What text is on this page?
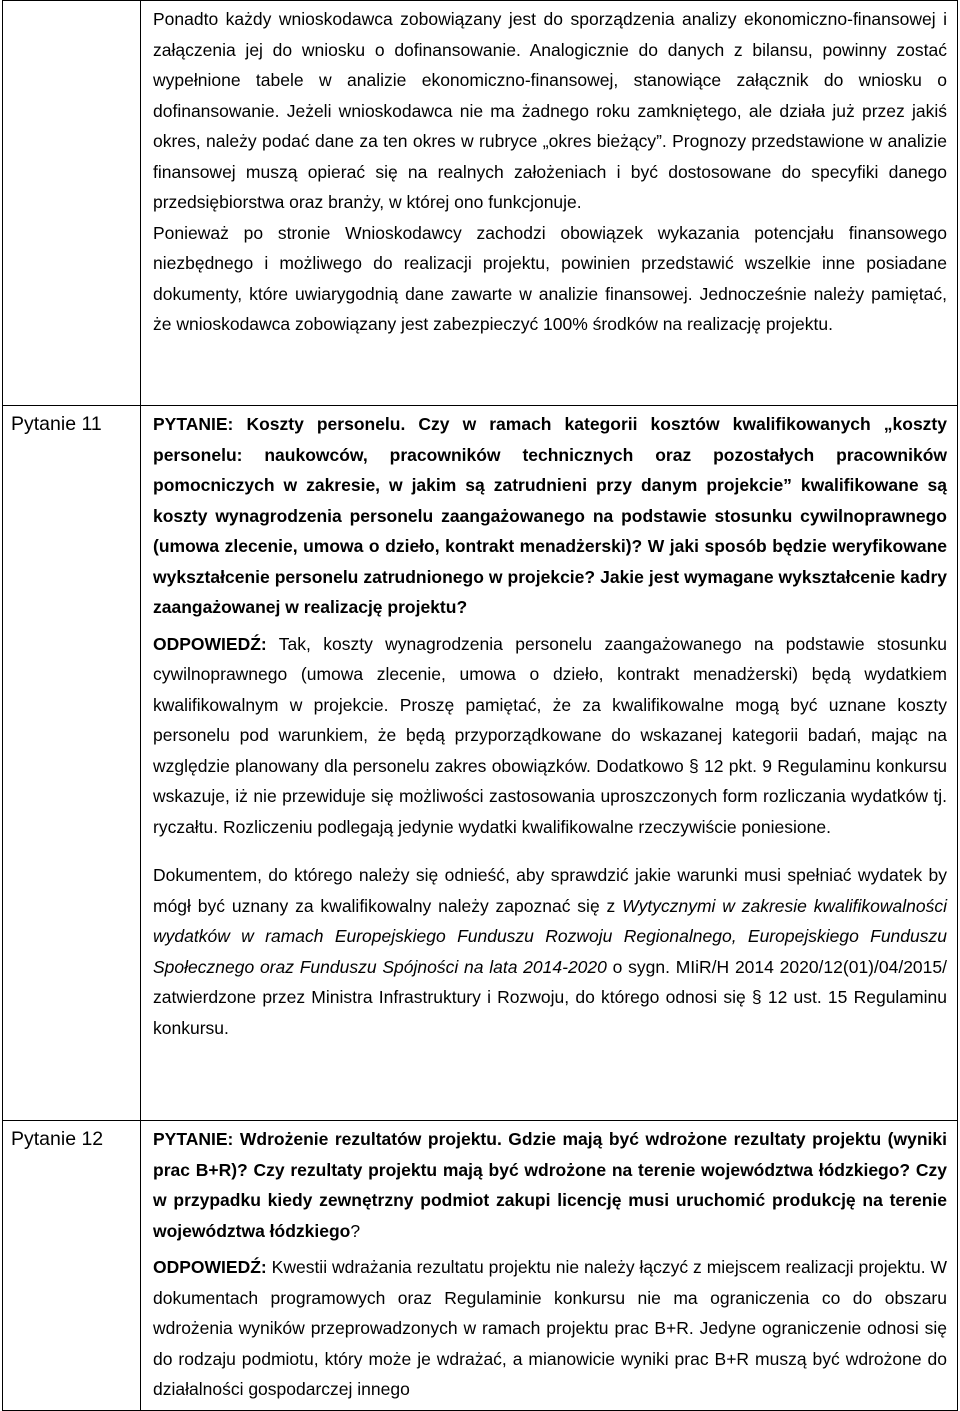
	Ponadto każdy wnioskodawca zobowiązany jest do sporządzenia analizy ekonomiczno-finansowej i załączenia jej do wniosku o dofinansowanie. Analogicznie do danych z bilansu, powinny zostać wypełnione tabele w analizie ekonomiczno-finansowej, stanowiące załącznik do wniosku o dofinansowanie. Jeżeli wnioskodawca nie ma żadnego roku zamkniętego, ale działa już przez jakiś okres, należy podać dane za ten okres w rubryce „okres bieżący”. Prognozy przedstawione w analizie finansowej muszą opierać się na realnych założeniach i być dostosowane do specyfiki danego przedsiębiorstwa oraz branży, w której ono funkcjonuje.

Ponieważ po stronie Wnioskodawcy zachodzi obowiązek wykazania potencjału finansowego niezbędnego i możliwego do realizacji projektu, powinien przedstawić wszelkie inne posiadane dokumenty, które uwiarygodnią dane zawarte w analizie finansowej. Jednocześnie należy pamiętać, że wnioskodawca zobowiązany jest zabezpieczyć 100% środków na realizację projektu.

Pytanie 11	PYTANIE: Koszty personelu. Czy w ramach kategorii kosztów kwalifikowanych „koszty personelu: naukowców, pracowników technicznych oraz pozostałych pracowników pomocniczych w zakresie, w jakim są zatrudnieni przy danym projekcie” kwalifikowane są koszty wynagrodzenia personelu zaangażowanego na podstawie stosunku cywilnoprawnego (umowa zlecenie, umowa o dzieło, kontrakt menadżerski)? W jaki sposób będzie weryfikowane wykształcenie personelu zatrudnionego w projekcie? Jakie jest wymagane wykształcenie kadry zaangażowanej w realizację projektu?

ODPOWIEDŹ: Tak, koszty wynagrodzenia personelu zaangażowanego na podstawie stosunku cywilnoprawnego (umowa zlecenie, umowa o dzieło, kontrakt menadżerski) będą wydatkiem kwalifikowalnym w projekcie. Proszę pamiętać, że za kwalifikowalne mogą być uznane koszty personelu pod warunkiem, że będą przyporządkowane do wskazanej kategorii badań, mając na względzie planowany dla personelu zakres obowiązków. Dodatkowo § 12 pkt. 9 Regulaminu konkursu wskazuje, iż nie przewiduje się możliwości zastosowania uproszczonych form rozliczania wydatków tj. ryczałtu. Rozliczeniu podlegają jedynie wydatki kwalifikowalne rzeczywiście poniesione.

Dokumentem, do którego należy się odnieść, aby sprawdzić jakie warunki musi spełniać wydatek by mógł być uznany za kwalifikowalny należy zapoznać się z Wytycznymi w zakresie kwalifikowalności wydatków w ramach Europejskiego Funduszu Rozwoju Regionalnego, Europejskiego Funduszu Społecznego oraz Funduszu Spójności na lata 2014-2020 o sygn. MIiR/H 2014 2020/12(01)/04/2015/ zatwierdzone przez Ministra Infrastruktury i Rozwoju, do którego odnosi się § 12 ust. 15 Regulaminu konkursu.

Pytanie 12	PYTANIE: Wdrożenie rezultatów projektu. Gdzie mają być wdrożone rezultaty projektu (wyniki prac B+R)? Czy rezultaty projektu mają być wdrożone na terenie województwa łódzkiego? Czy w przypadku kiedy zewnętrzny podmiot zakupi licencję musi uruchomić produkcję na terenie województwa łódzkiego?

ODPOWIEDŹ: Kwestii wdrażania rezultatu projektu nie należy łączyć z miejscem realizacji projektu. W dokumentach programowych oraz Regulaminie konkursu nie ma ograniczenia co do obszaru wdrożenia wyników przeprowadzonych w ramach projektu prac B+R. Jedyne ograniczenie odnosi się do rodzaju podmiotu, który może je wdrażać, a mianowicie wyniki prac B+R muszą być wdrożone do działalności gospodarczej innego
